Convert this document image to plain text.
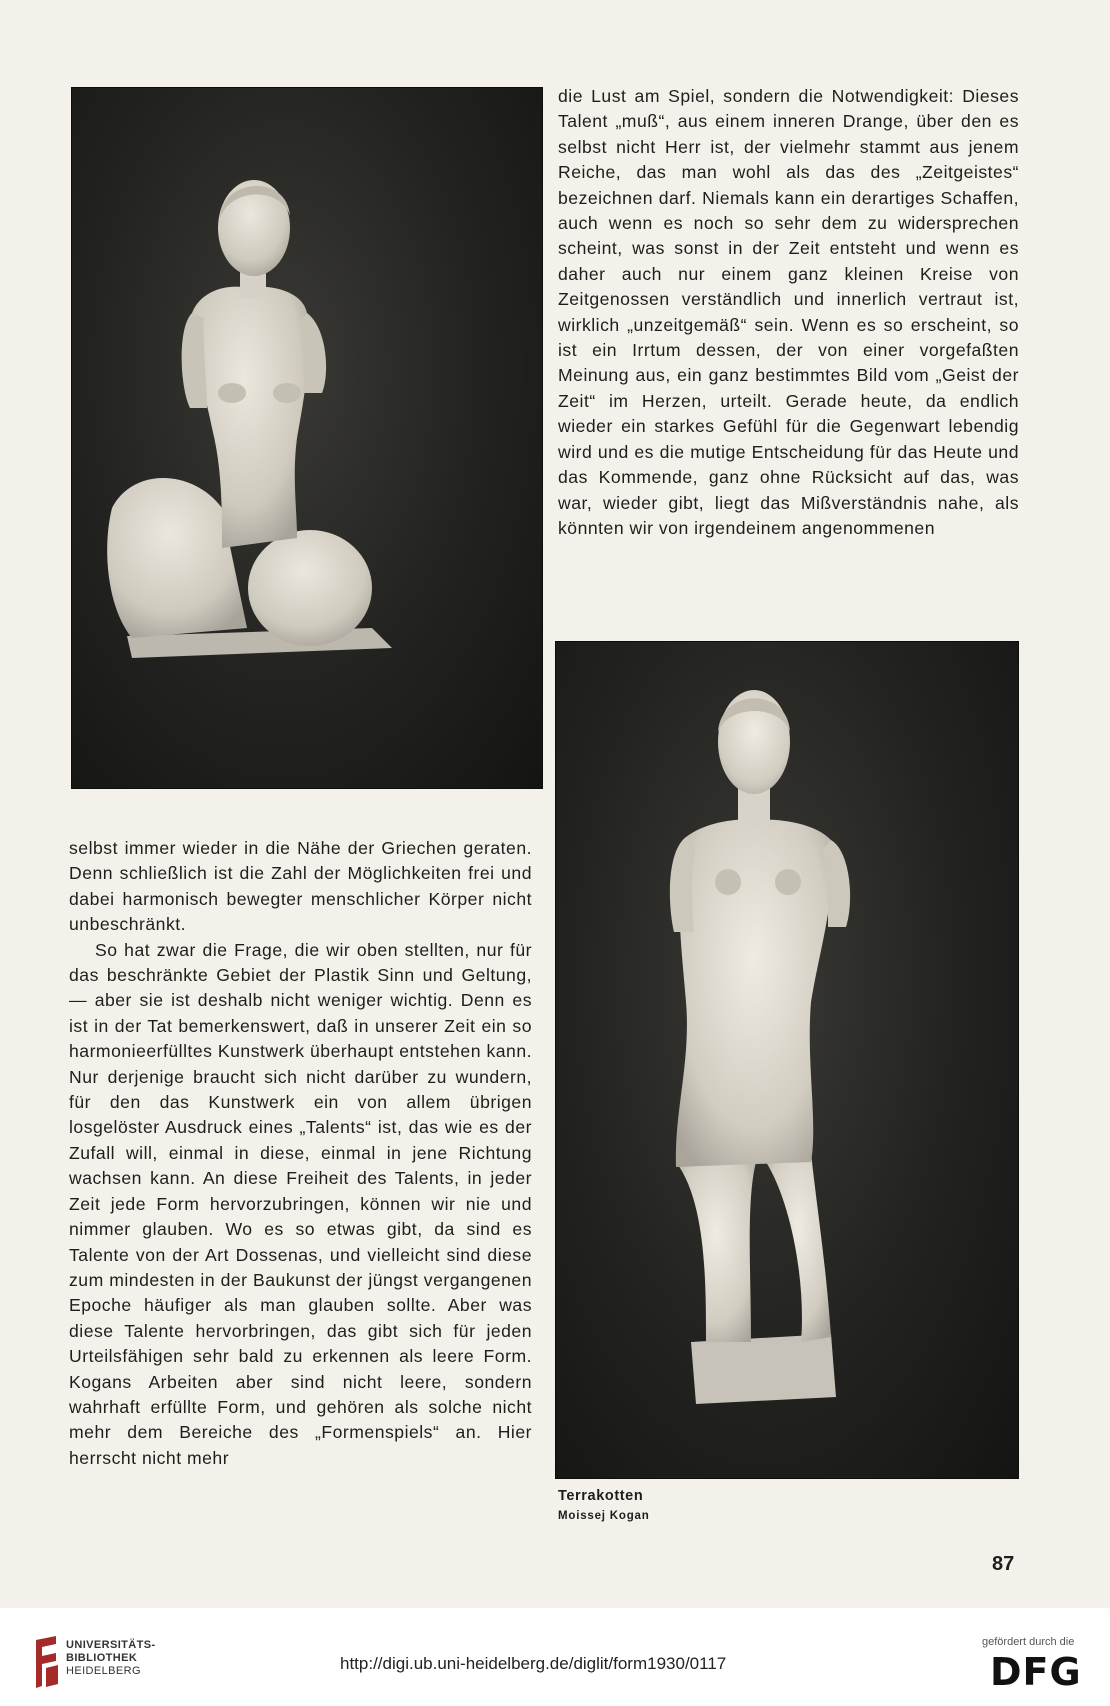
die Lust am Spiel, sondern die Notwendigkeit: Dieses Talent „muß“, aus einem inneren Drange, über den es selbst nicht Herr ist, der vielmehr stammt aus jenem Reiche, das man wohl als das des „Zeitgeistes“ bezeichnen darf. Niemals kann ein derartiges Schaffen, auch wenn es noch so sehr dem zu widersprechen scheint, was sonst in der Zeit entsteht und wenn es daher auch nur einem ganz kleinen Kreise von Zeitgenossen verständlich und innerlich vertraut ist, wirklich „unzeitgemäß“ sein. Wenn es so erscheint, so ist ein Irrtum dessen, der von einer vorgefaßten Meinung aus, ein ganz bestimmtes Bild vom „Geist der Zeit“ im Herzen, urteilt. Gerade heute, da endlich wieder ein starkes Gefühl für die Gegenwart lebendig wird und es die mutige Entscheidung für das Heute und das Kommende, ganz ohne Rücksicht auf das, was war, wieder gibt, liegt das Mißverständnis nahe, als könnten wir von irgendeinem angenommenen

selbst immer wieder in die Nähe der Griechen geraten. Denn schließlich ist die Zahl der Möglichkeiten frei und dabei harmonisch bewegter menschlicher Körper nicht unbeschränkt.

So hat zwar die Frage, die wir oben stellten, nur für das beschränkte Gebiet der Plastik Sinn und Geltung, — aber sie ist deshalb nicht weniger wichtig. Denn es ist in der Tat bemerkenswert, daß in unserer Zeit ein so harmonieerfülltes Kunstwerk überhaupt entstehen kann. Nur derjenige braucht sich nicht darüber zu wundern, für den das Kunstwerk ein von allem übrigen losgelöster Ausdruck eines „Talents“ ist, das wie es der Zufall will, einmal in diese, einmal in jene Richtung wachsen kann. An diese Freiheit des Talents, in jeder Zeit jede Form hervorzubringen, können wir nie und nimmer glauben. Wo es so etwas gibt, da sind es Talente von der Art Dossenas, und vielleicht sind diese zum mindesten in der Baukunst der jüngst vergangenen Epoche häufiger als man glauben sollte. Aber was diese Talente hervorbringen, das gibt sich für jeden Urteilsfähigen sehr bald zu erkennen als leere Form. Kogans Arbeiten aber sind nicht leere, sondern wahrhaft erfüllte Form, und gehören als solche nicht mehr dem Bereiche des „Formenspiels“ an. Hier herrscht nicht mehr

Terrakotten
Moissej Kogan
87
UNIVERSITÄTS-
BIBLIOTHEK
HEIDELBERG	http://digi.ub.uni-heidelberg.de/diglit/form1930/0117
gefördert durch die
DFG
